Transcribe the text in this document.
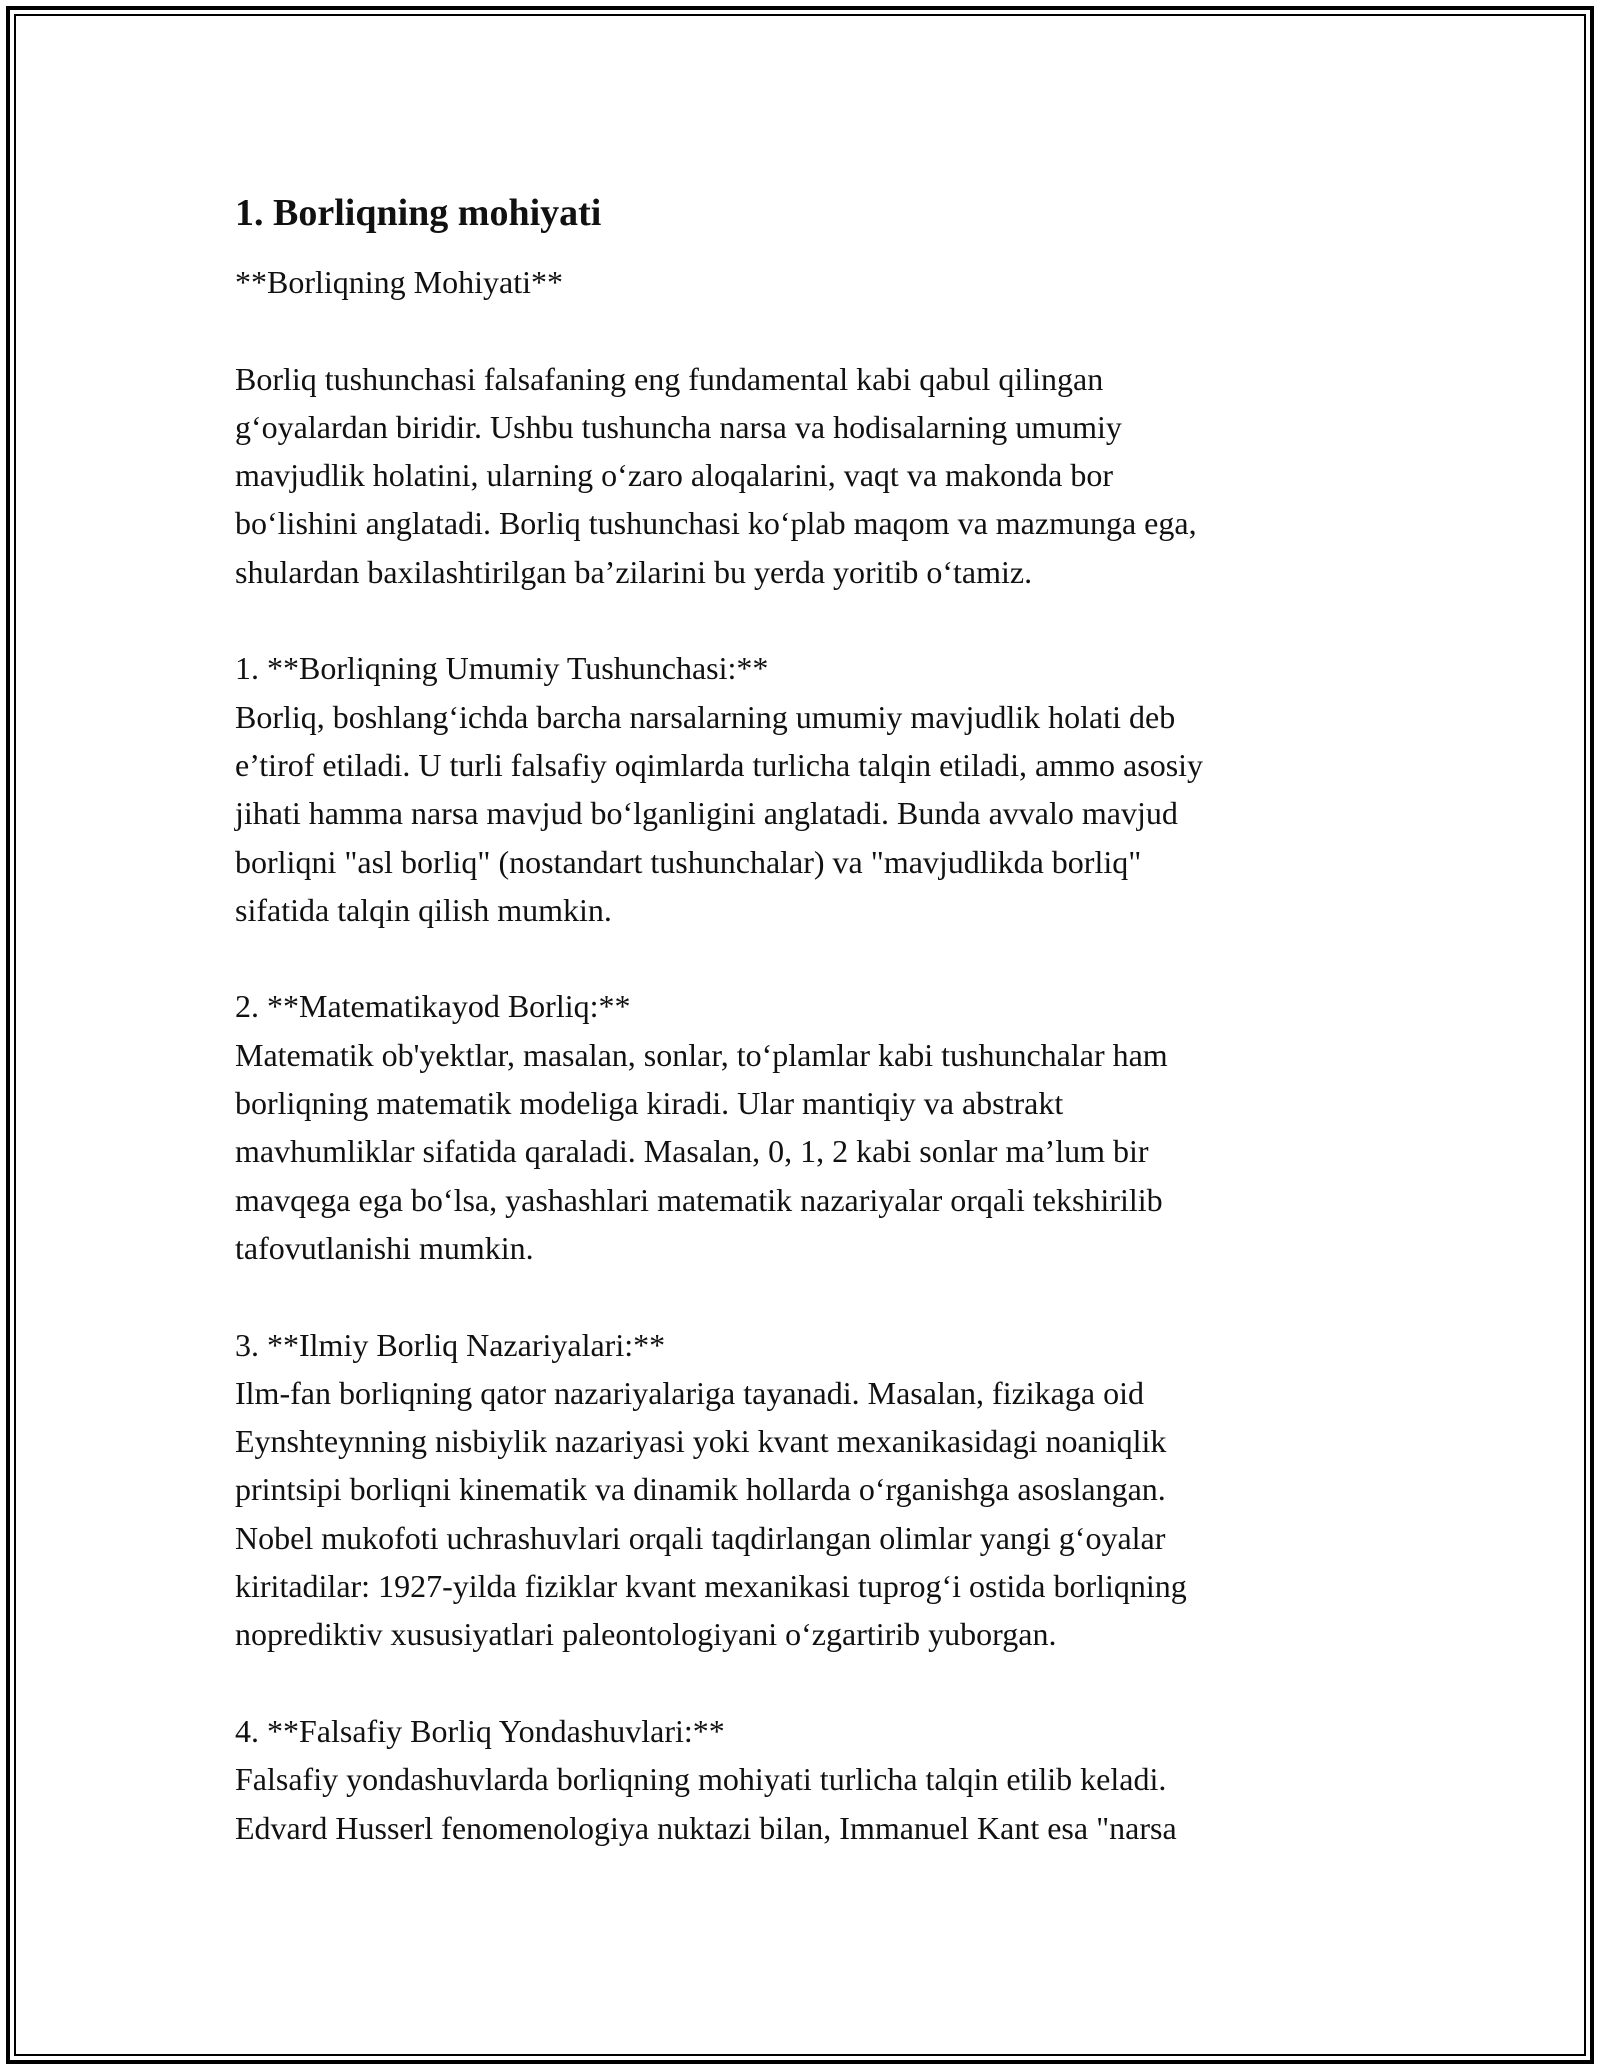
1. Borliqning mohiyati

**Borliqning Mohiyati**

Borliq tushunchasi falsafaning eng fundamental kabi qabul qilingan
g‘oyalardan biridir. Ushbu tushuncha narsa va hodisalarning umumiy
mavjudlik holatini, ularning o‘zaro aloqalarini, vaqt va makonda bor
bo‘lishini anglatadi. Borliq tushunchasi ko‘plab maqom va mazmunga ega,
shulardan baxilashtirilgan ba’zilarini bu yerda yoritib o‘tamiz.

1. **Borliqning Umumiy Tushunchasi:**

Borliq, boshlang‘ichda barcha narsalarning umumiy mavjudlik holati deb
e’tirof etiladi. U turli falsafiy oqimlarda turlicha talqin etiladi, ammo asosiy
jihati hamma narsa mavjud bo‘lganligini anglatadi. Bunda avvalo mavjud
borliqni "asl borliq" (nostandart tushunchalar) va "mavjudlikda borliq"
sifatida talqin qilish mumkin.

2. **Matematikayod Borliq:**

Matematik ob'yektlar, masalan, sonlar, to‘plamlar kabi tushunchalar ham
borliqning matematik modeliga kiradi. Ular mantiqiy va abstrakt
mavhumliklar sifatida qaraladi. Masalan, 0, 1, 2 kabi sonlar ma’lum bir
mavqega ega bo‘lsa, yashashlari matematik nazariyalar orqali tekshirilib
tafovutlanishi mumkin.

3. **Ilmiy Borliq Nazariyalari:**

Ilm-fan borliqning qator nazariyalariga tayanadi. Masalan, fizikaga oid
Eynshteynning nisbiylik nazariyasi yoki kvant mexanikasidagi noaniqlik
printsipi borliqni kinematik va dinamik hollarda o‘rganishga asoslangan.
Nobel mukofoti uchrashuvlari orqali taqdirlangan olimlar yangi g‘oyalar
kiritadilar: 1927-yilda fiziklar kvant mexanikasi tuprog‘i ostida borliqning
noprediktiv xususiyatlari paleontologiyani o‘zgartirib yuborgan.

4. **Falsafiy Borliq Yondashuvlari:**

Falsafiy yondashuvlarda borliqning mohiyati turlicha talqin etilib keladi.
Edvard Husserl fenomenologiya nuktazi bilan, Immanuel Kant esa "narsa
